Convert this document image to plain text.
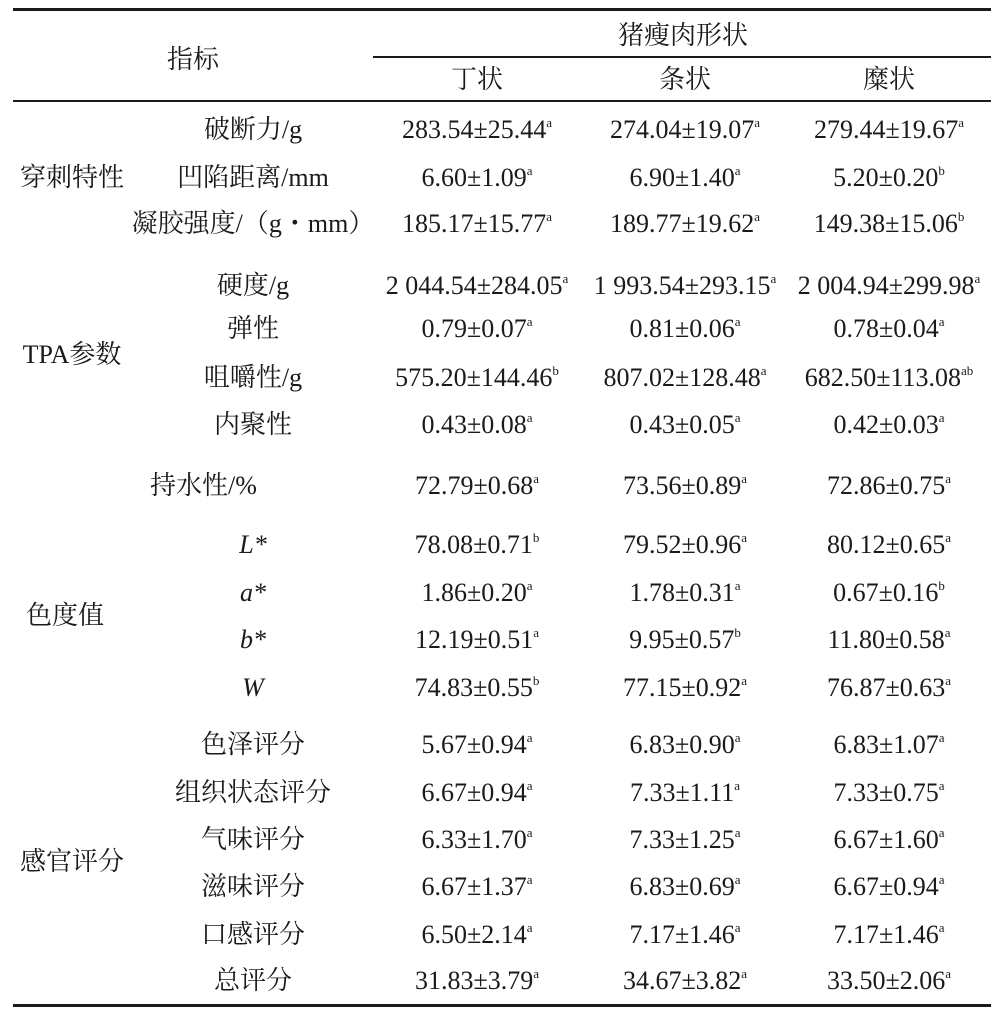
指标
猪瘦肉形状
丁状	条状	糜状
穿刺特性
破断力/g	283.54±25.44$^a$ 274.04±19.07$^a$ 279.44±19.67$^a$
凹陷距离/mm	6.60±1.09$^a$	6.90±1.40$^a$	5.20±0.20$^b$
凝胶强度/（g・mm） 185.17±15.77$^a$ 189.77±19.62$^a$ 149.38±15.06$^b$
硬度/g	2 044.54±284.05$^a$ 1 993.54±293.15$^a$ 2 004.94±299.98$^a$
TPA参数
弹性	0.79±0.07$^a$	0.81±0.06$^a$	0.78±0.04$^a$
咀嚼性/g	575.20±144.46$^b$ 807.02±128.48$^a$ 682.50±113.08$^{ab}$
内聚性	0.43±0.08$^a$	0.43±0.05$^a$	0.42±0.03$^a$
持水性/%	72.79±0.68$^a$	73.56±0.89$^a$	72.86±0.75$^a$
L*	78.08±0.71$^b$	79.52±0.96$^a$	80.12±0.65$^a$
色度值
a*	1.86±0.20$^a$	1.78±0.31$^a$	0.67±0.16$^b$
b*	12.19±0.51$^a$	9.95±0.57$^b$	11.80±0.58$^a$
W	74.83±0.55$^b$	77.15±0.92$^a$	76.87±0.63$^a$
色泽评分	5.67±0.94$^a$	6.83±0.90$^a$	6.83±1.07$^a$
组织状态评分	6.67±0.94$^a$	7.33±1.11$^a$	7.33±0.75$^a$
气味评分	6.33±1.70$^a$	7.33±1.25$^a$	6.67±1.60$^a$
感官评分
滋味评分	6.67±1.37$^a$	6.83±0.69$^a$	6.67±0.94$^a$
口感评分	6.50±2.14$^a$	7.17±1.46$^a$	7.17±1.46$^a$
总评分	31.83±3.79$^a$	34.67±3.82$^a$	33.50±2.06$^a$
